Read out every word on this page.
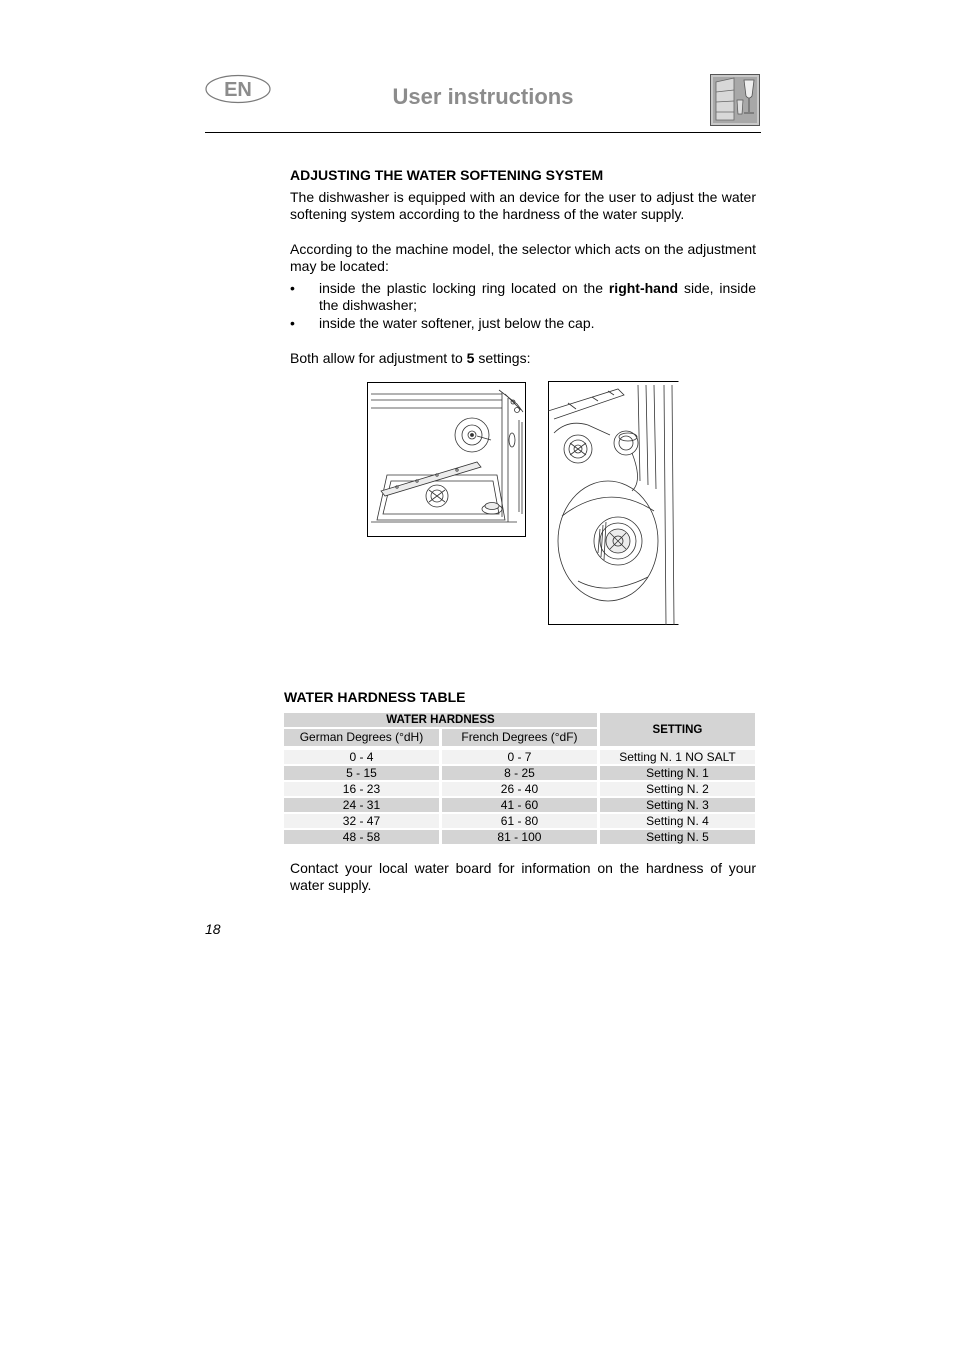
EN	User instructions
ADJUSTING THE WATER SOFTENING SYSTEM
The dishwasher is equipped with an device for the user to adjust the water softening system according to the hardness of the water supply.
According to the machine model, the selector which acts on the adjustment may be located:
• inside the plastic locking ring located on the right-hand side, inside the dishwasher;
• inside the water softener, just below the cap.
Both allow for adjustment to 5 settings:
WATER HARDNESS TABLE
WATER HARDNESS		SETTING
German Degrees (°dH)	French Degrees (°dF)	

0 - 4	0 - 7	Setting N. 1 NO SALT
5 - 15	8 - 25	Setting N. 1
16 - 23	26 - 40	Setting N. 2
24 - 31	41 - 60	Setting N. 3
32 - 47	61 - 80	Setting N. 4
48 - 58	81 - 100	Setting N. 5
Contact your local water board for information on the hardness of your water supply.
18
